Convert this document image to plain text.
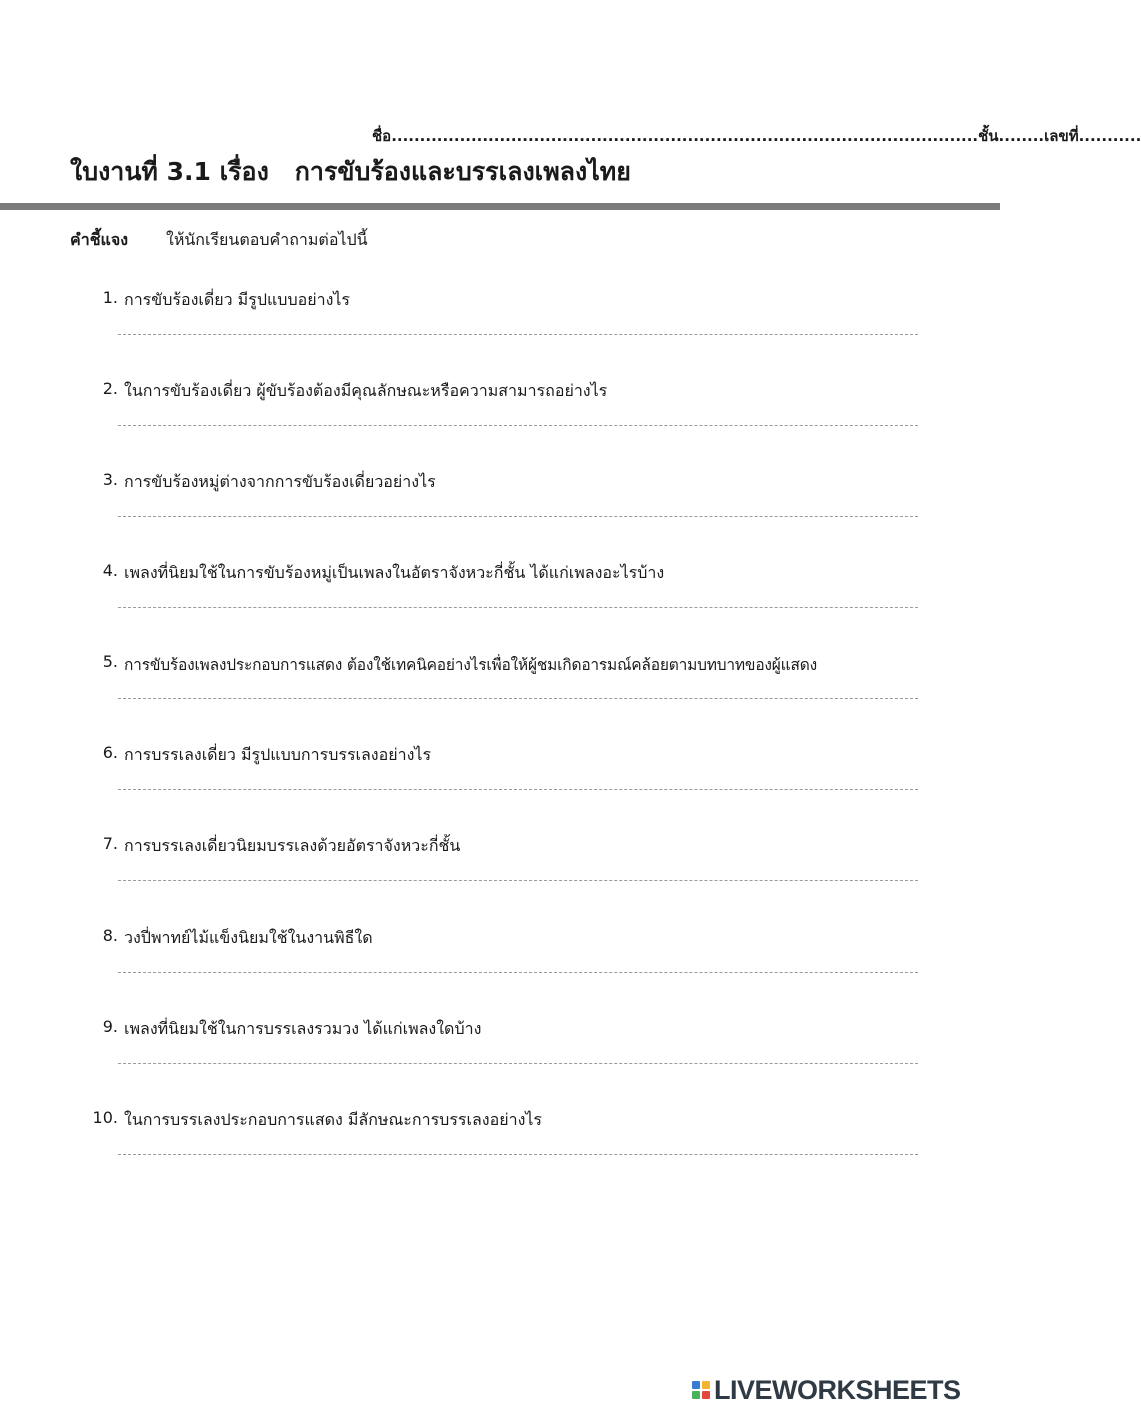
ชื่อ.......................................................................................................ชั้น........เลขที่...........
ใบงานที่ 3.1 เรื่อง การขับร้องและบรรเลงเพลงไทย
คำชี้แจง ให้นักเรียนตอบคำถามต่อไปนี้
1. การขับร้องเดี่ยว มีรูปแบบอย่างไร
2. ในการขับร้องเดี่ยว ผู้ขับร้องต้องมีคุณลักษณะหรือความสามารถอย่างไร
3. การขับร้องหมู่ต่างจากการขับร้องเดี่ยวอย่างไร
4. เพลงที่นิยมใช้ในการขับร้องหมู่เป็นเพลงในอัตราจังหวะกี่ชั้น ได้แก่เพลงอะไรบ้าง
5. การขับร้องเพลงประกอบการแสดง ต้องใช้เทคนิคอย่างไรเพื่อให้ผู้ชมเกิดอารมณ์คล้อยตามบทบาทของผู้แสดง
6. การบรรเลงเดี่ยว มีรูปแบบการบรรเลงอย่างไร
7. การบรรเลงเดี่ยวนิยมบรรเลงด้วยอัตราจังหวะกี่ชั้น
8. วงปี่พาทย์ไม้แข็งนิยมใช้ในงานพิธีใด
9. เพลงที่นิยมใช้ในการบรรเลงรวมวง ได้แก่เพลงใดบ้าง
10. ในการบรรเลงประกอบการแสดง มีลักษณะการบรรเลงอย่างไร
LIVEWORKSHEETS
